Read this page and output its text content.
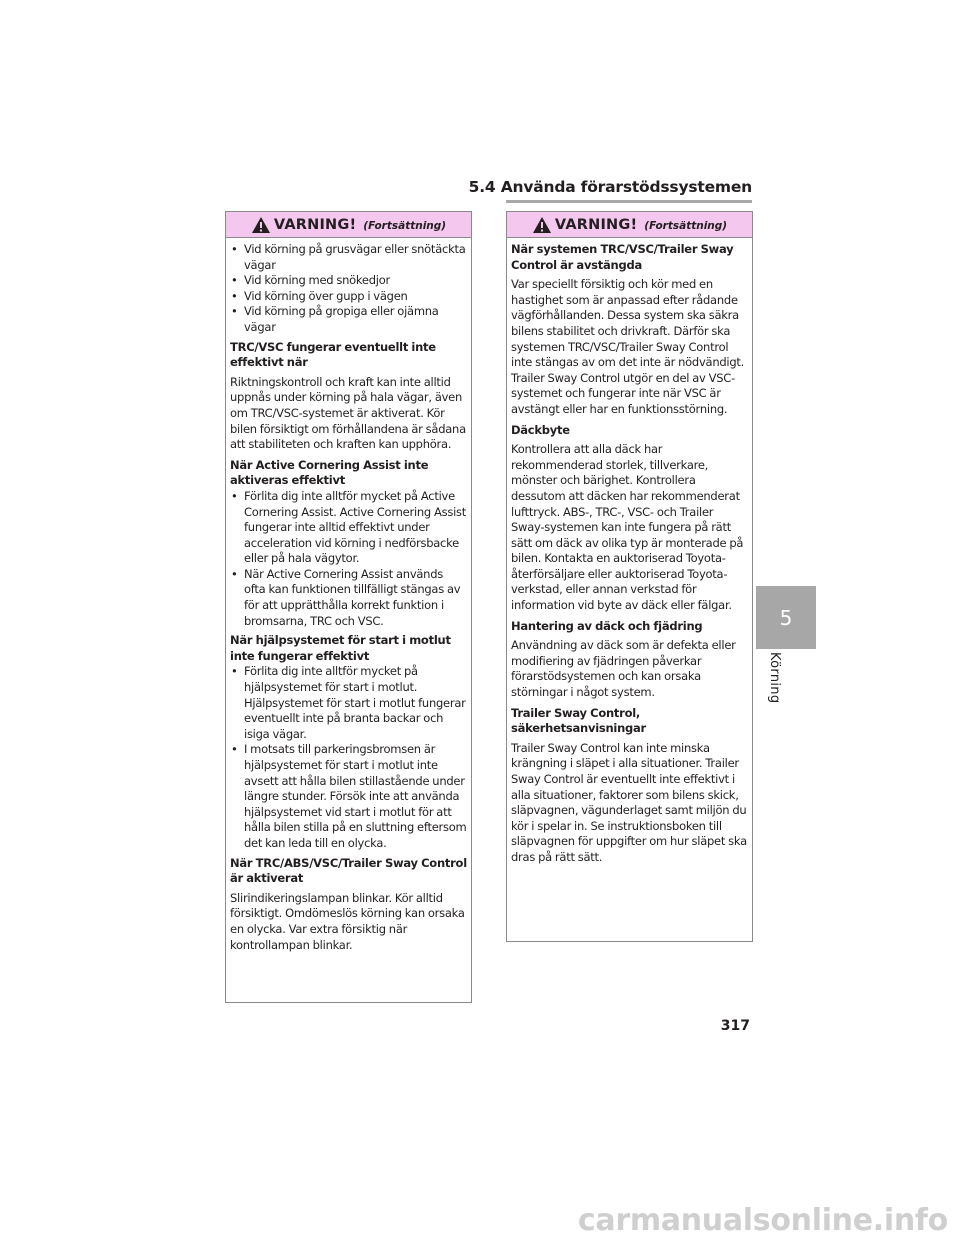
5.4 Använda förarstödssystemen
VARNING! (Fortsättning)
• Vid körning på grusvägar eller snötäckta vägar
• Vid körning med snökedjor
• Vid körning över gupp i vägen
• Vid körning på gropiga eller ojämna vägar

TRC/VSC fungerar eventuellt inte effektivt när

Riktningskontroll och kraft kan inte alltid uppnås under körning på hala vägar, även om TRC/VSC-systemet är aktiverat. Kör bilen försiktigt om förhållandena är sådana att stabiliteten och kraften kan upphöra.

När Active Cornering Assist inte aktiveras effektivt

• Förlita dig inte alltför mycket på Active Cornering Assist. Active Cornering Assist fungerar inte alltid effektivt under acceleration vid körning i nedförsbacke eller på hala vägytor.
• När Active Cornering Assist används ofta kan funktionen tillfälligt stängas av för att upprätthålla korrekt funktion i bromsarna, TRC och VSC.

När hjälpsystemet för start i motlut inte fungerar effektivt

• Förlita dig inte alltför mycket på hjälpsystemet för start i motlut. Hjälpsystemet för start i motlut fungerar eventuellt inte på branta backar och isiga vägar.
• I motsats till parkeringsbromsen är hjälpsystemet för start i motlut inte avsett att hålla bilen stillastående under längre stunder. Försök inte att använda hjälpsystemet vid start i motlut för att hålla bilen stilla på en sluttning eftersom det kan leda till en olycka.

När TRC/ABS/VSC/Trailer Sway Control är aktiverat

Slirindikeringslampan blinkar. Kör alltid försiktigt. Omdömeslös körning kan orsaka en olycka. Var extra försiktig när kontrollampan blinkar.

VARNING! (Fortsättning)

När systemen TRC/VSC/Trailer Sway Control är avstängda

Var speciellt försiktig och kör med en hastighet som är anpassad efter rådande vägförhållanden. Dessa system ska säkra bilens stabilitet och drivkraft. Därför ska systemen TRC/VSC/Trailer Sway Control inte stängas av om det inte är nödvändigt. Trailer Sway Control utgör en del av VSC-systemet och fungerar inte när VSC är avstängt eller har en funktionsstörning.

Däckbyte

Kontrollera att alla däck har rekommenderad storlek, tillverkare, mönster och bärighet. Kontrollera dessutom att däcken har rekommenderat lufttryck. ABS-, TRC-, VSC- och Trailer Sway-systemen kan inte fungera på rätt sätt om däck av olika typ är monterade på bilen. Kontakta en auktoriserad Toyota-återförsäljare eller auktoriserad Toyota-verkstad, eller annan verkstad för information vid byte av däck eller fälgar.

Hantering av däck och fjädring

Användning av däck som är defekta eller modifiering av fjädringen påverkar förarstödsystemen och kan orsaka störningar i något system.

Trailer Sway Control, säkerhetsanvisningar

Trailer Sway Control kan inte minska krängning i släpet i alla situationer. Trailer Sway Control är eventuellt inte effektivt i alla situationer, faktorer som bilens skick, släpvagnen, vägunderlaget samt miljön du kör i spelar in. Se instruktionsboken till släpvagnen för uppgifter om hur släpet ska dras på rätt sätt.

5
Körning
317
carmanualsonline.info
